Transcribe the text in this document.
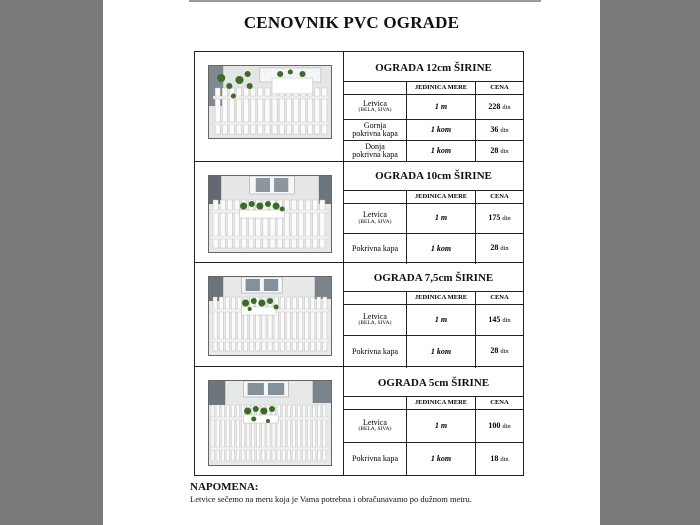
CENOVNIK PVC OGRADE
OGRADA 12cm ŠIRINE
	JEDINICA MERE	CENA
Letvica
(BELA, SIVA)	1 m	228 din

Gornja
pokrivna kapa	1 kom	36 din

Donja
pokrivna kapa	1 kom	28 din
OGRADA 10cm ŠIRINE
	JEDINICA MERE	CENA
Letvica
(BELA, SIVA)	1 m	175 din
Pokrivna kapa	1 kom	28 din
OGRADA 7,5cm ŠIRINE
	JEDINICA MERE	CENA
Letvica
(BELA, SIVA)	1 m	145 din
Pokrivna kapa	1 kom	28 din
OGRADA 5cm ŠIRINE
	JEDINICA MERE	CENA
Letvica
(BELA, SIVA)	1 m	100 din
Pokrivna kapa	1 kom	18 din
NAPOMENA:
Letvice sečemo na meru koja je Vama potrebna i obračunavamo po dužnom metru.
